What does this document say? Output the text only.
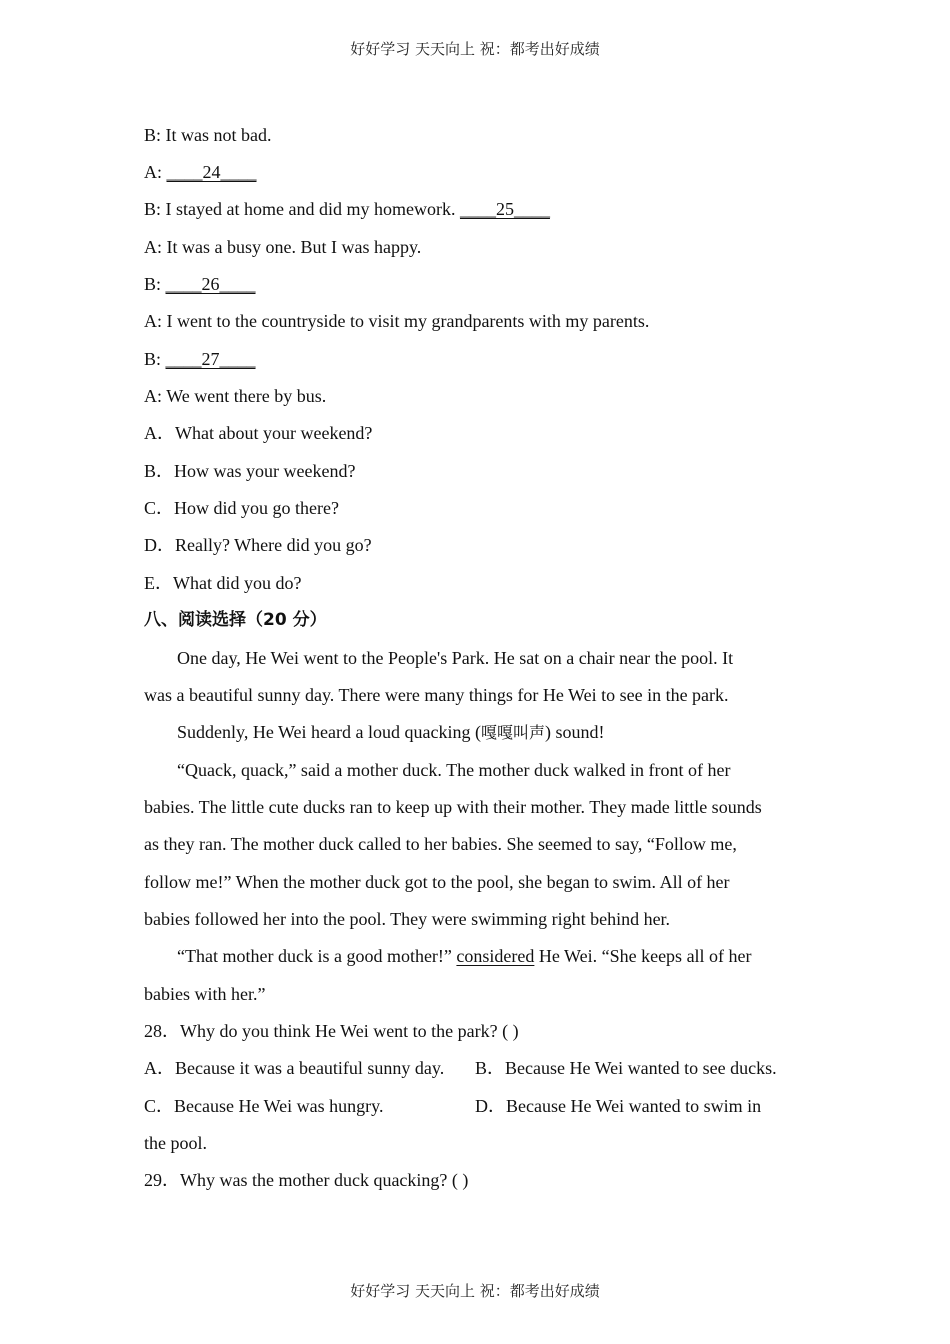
好好学习 天天向上 祝：都考出好成绩
B: It was not bad.
A: ____24____
B: I stayed at home and did my homework. ____25____
A: It was a busy one. But I was happy.
B: ____26____
A: I went to the countryside to visit my grandparents with my parents.
B: ____27____
A: We went there by bus.
A．What about your weekend?
B．How was your weekend?
C．How did you go there?
D．Really? Where did you go?
E．What did you do?
八、阅读选择（20 分）
One day, He Wei went to the People's Park. He sat on a chair near the pool. It
was a beautiful sunny day. There were many things for He Wei to see in the park.
Suddenly, He Wei heard a loud quacking (嘎嘎叫声) sound!
“Quack, quack,” said a mother duck. The mother duck walked in front of her
babies. The little cute ducks ran to keep up with their mother. They made little sounds
as they ran. The mother duck called to her babies. She seemed to say, “Follow me,
follow me!” When the mother duck got to the pool, she began to swim. All of her
babies followed her into the pool. They were swimming right behind her.
“That mother duck is a good mother!” considered He Wei. “She keeps all of her
babies with her.”
28．Why do you think He Wei went to the park? ( )
A．Because it was a beautiful sunny day. B．Because He Wei wanted to see ducks.
C．Because He Wei was hungry.	D．Because He Wei wanted to swim in
the pool.
29．Why was the mother duck quacking? ( )
好好学习 天天向上 祝：都考出好成绩
